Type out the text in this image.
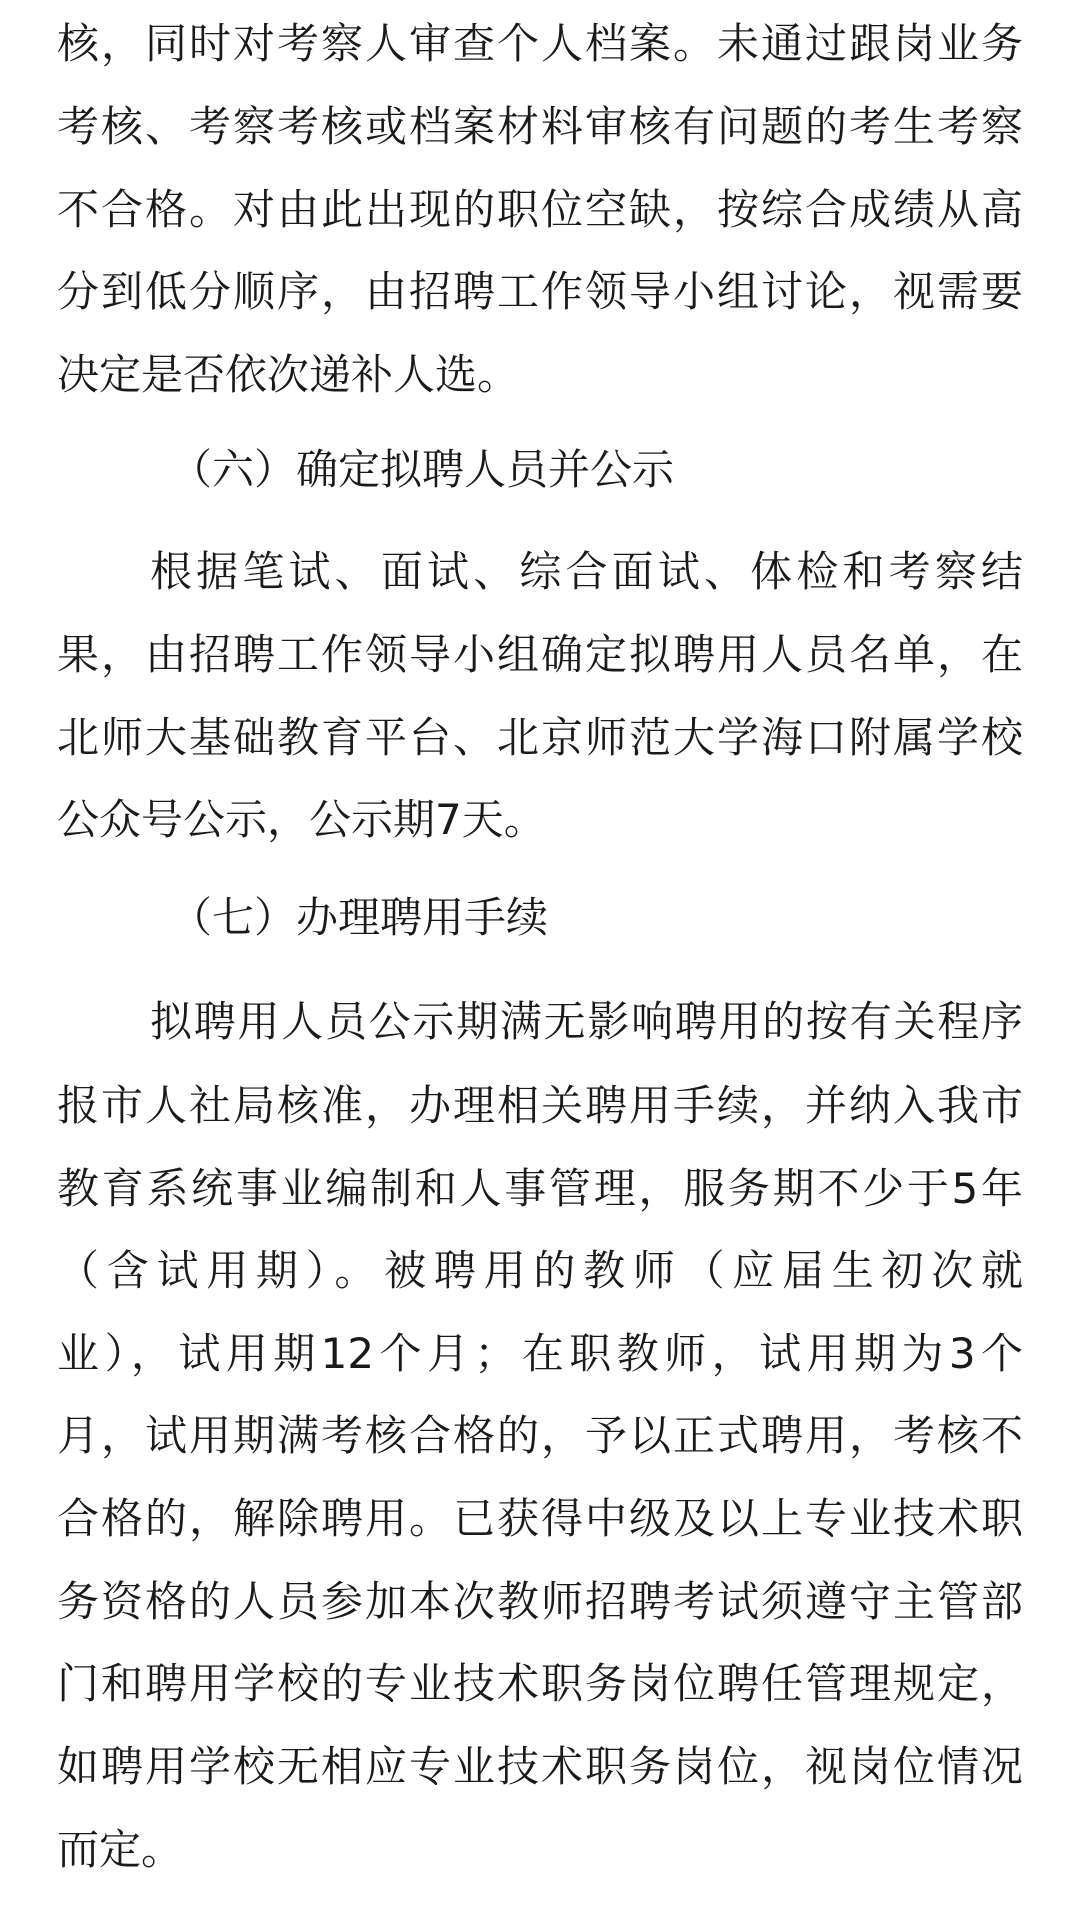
核，同时对考察人审查个人档案。未通过跟岗业务
考核、考察考核或档案材料审核有问题的考生考察
不合格。对由此出现的职位空缺，按综合成绩从高
分到低分顺序，由招聘工作领导小组讨论，视需要
决定是否依次递补人选。
（六）确定拟聘人员并公示
根据笔试、面试、综合面试、体检和考察结
果，由招聘工作领导小组确定拟聘用人员名单，在
北师大基础教育平台、北京师范大学海口附属学校
公众号公示，公示期7天。
（七）办理聘用手续
拟聘用人员公示期满无影响聘用的按有关程序
报市人社局核准，办理相关聘用手续，并纳入我市
教育系统事业编制和人事管理，服务期不少于5年
（含试用期）。被聘用的教师（应届生初次就
业），试用期12个月；在职教师，试用期为3个
月，试用期满考核合格的，予以正式聘用，考核不
合格的，解除聘用。已获得中级及以上专业技术职
务资格的人员参加本次教师招聘考试须遵守主管部
门和聘用学校的专业技术职务岗位聘任管理规定，
如聘用学校无相应专业技术职务岗位，视岗位情况
而定。
